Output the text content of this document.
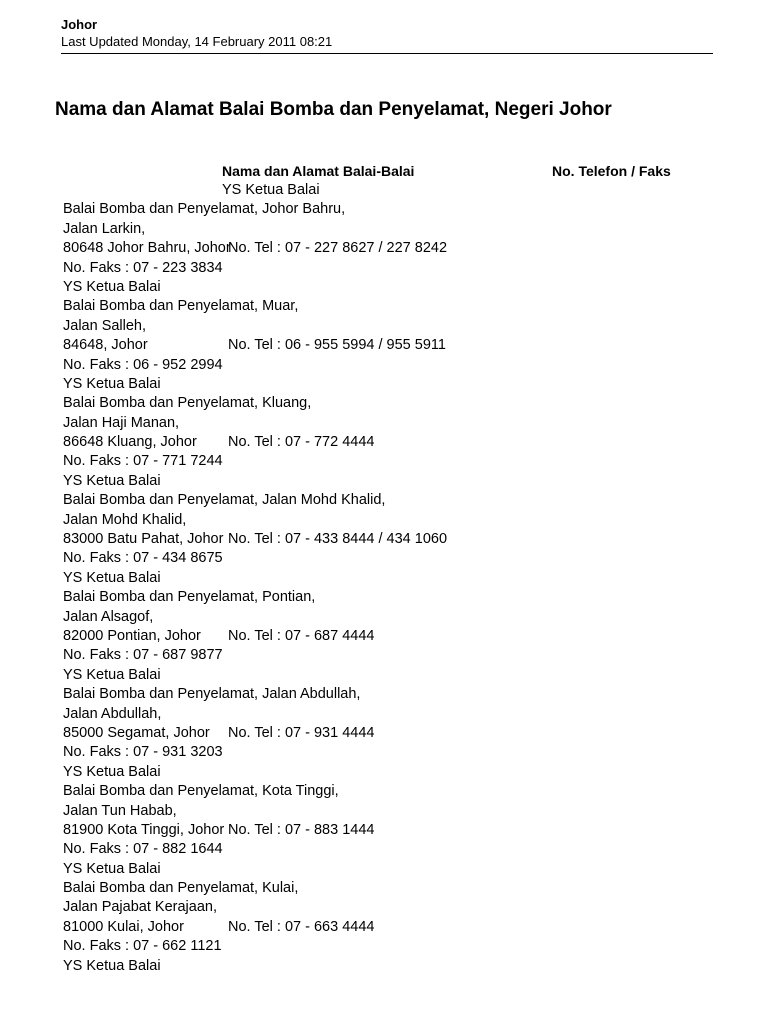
Johor
Last Updated Monday, 14 February 2011 08:21
Nama dan Alamat Balai Bomba dan Penyelamat, Negeri Johor
Nama dan Alamat Balai-Balai	No. Telefon / Faks
YS Ketua Balai
Balai Bomba dan Penyelamat, Johor Bahru,
Jalan Larkin,
80648 Johor Bahru, Johor
No. Tel : 07 - 227 8627 / 227 8242
No. Faks : 07 - 223 3834
YS Ketua Balai
Balai Bomba dan Penyelamat, Muar,
Jalan Salleh,
84648, Johor	No. Tel : 06 - 955 5994 / 955 5911
No. Faks : 06 - 952 2994
YS Ketua Balai
Balai Bomba dan Penyelamat, Kluang,
Jalan Haji Manan,
86648 Kluang, Johor No. Tel : 07 - 772 4444
No. Faks : 07 - 771 7244
YS Ketua Balai
Balai Bomba dan Penyelamat, Jalan Mohd Khalid,
Jalan Mohd Khalid,
83000 Batu Pahat, Johor No. Tel : 07 - 433 8444 / 434 1060
No. Faks : 07 - 434 8675
YS Ketua Balai
Balai Bomba dan Penyelamat, Pontian,
Jalan Alsagof,
82000 Pontian, Johor No. Tel : 07 - 687 4444
No. Faks : 07 - 687 9877
YS Ketua Balai
Balai Bomba dan Penyelamat, Jalan Abdullah,
Jalan Abdullah,
85000 Segamat, Johor No. Tel : 07 - 931 4444
No. Faks : 07 - 931 3203
YS Ketua Balai
Balai Bomba dan Penyelamat, Kota Tinggi,
Jalan Tun Habab,
81900 Kota Tinggi, Johor No. Tel : 07 - 883 1444
No. Faks : 07 - 882 1644
YS Ketua Balai
Balai Bomba dan Penyelamat, Kulai,
Jalan Pajabat Kerajaan,
81000 Kulai, Johor	No. Tel : 07 - 663 4444
No. Faks : 07 - 662 1121
YS Ketua Balai
